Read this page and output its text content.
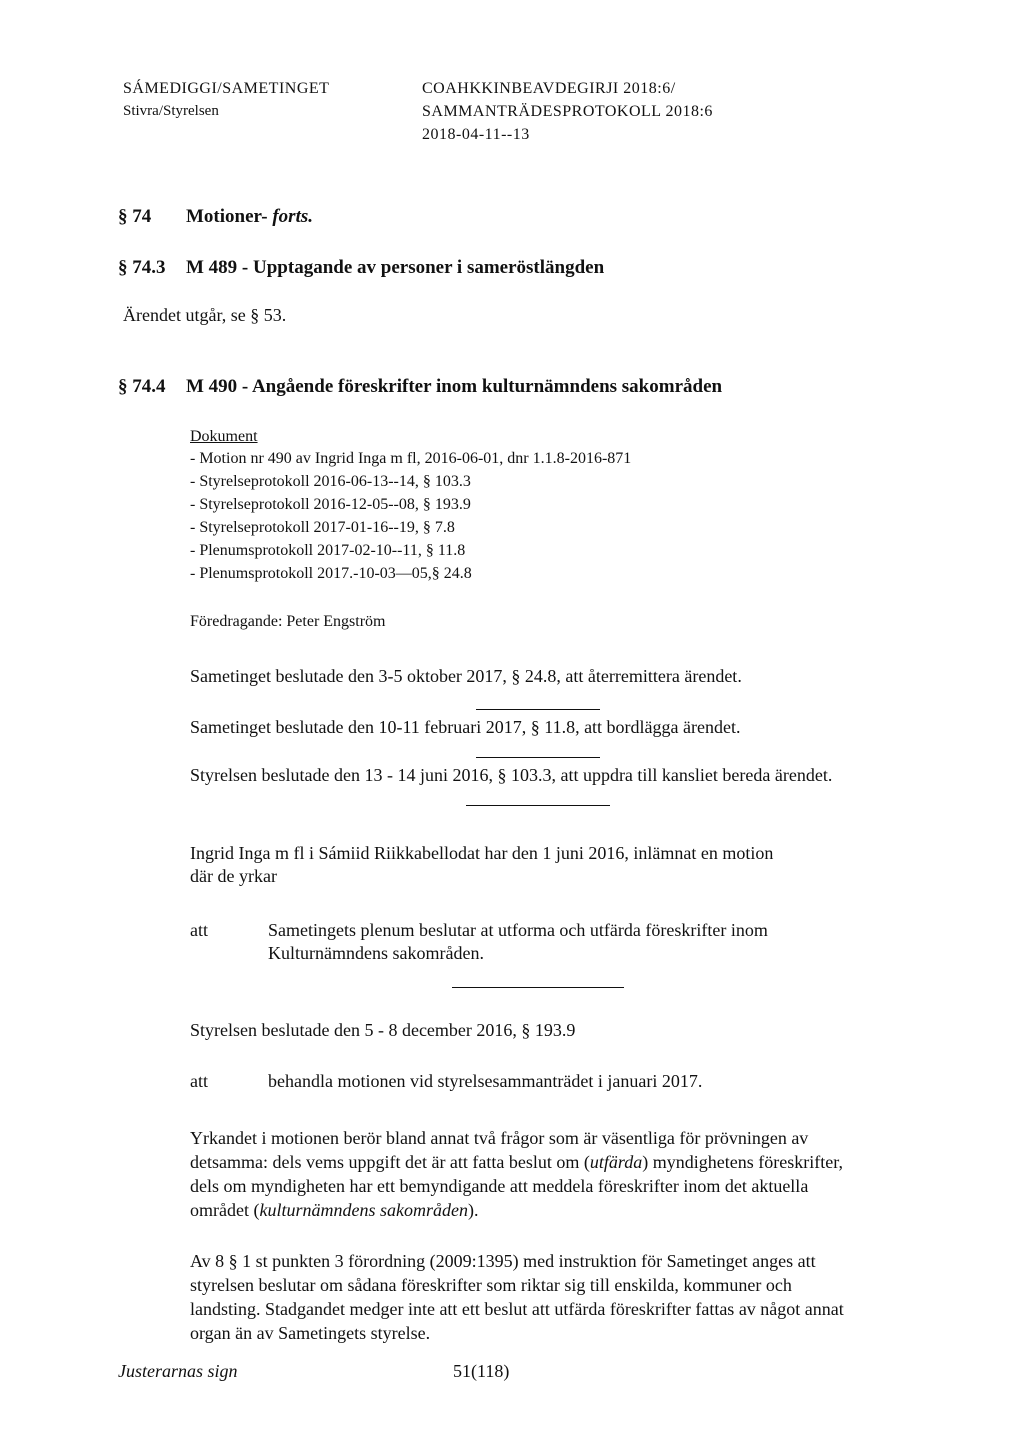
SÁMEDIGGI/SAMETINGET
Stivra/Styrelsen
COAHKKINBEAVDEGIRJI 2018:6/
SAMMANTRÄDESPROTOKOLL 2018:6
2018-04-11--13
§ 74 Motioner- forts.
§ 74.3 M 489 - Upptagande av personer i sameröstlängden
Ärendet utgår, se § 53.
§ 74.4 M 490 - Angående föreskrifter inom kulturnämndens sakområden
Dokument
- Motion nr 490 av Ingrid Inga m fl, 2016-06-01, dnr 1.1.8-2016-871
- Styrelseprotokoll 2016-06-13--14, § 103.3
- Styrelseprotokoll 2016-12-05--08, § 193.9
- Styrelseprotokoll 2017-01-16--19, § 7.8
- Plenumsprotokoll 2017-02-10--11, § 11.8
- Plenumsprotokoll 2017.-10-03—05,§ 24.8
Föredragande: Peter Engström
Sametinget beslutade den 3-5 oktober 2017, § 24.8, att återremittera ärendet.
Sametinget beslutade den 10-11 februari 2017, § 11.8, att bordlägga ärendet.
Styrelsen beslutade den 13 - 14 juni 2016, § 103.3, att uppdra till kansliet bereda ärendet.
Ingrid Inga m fl i Sámiid Riikkabellodat har den 1 juni 2016, inlämnat en motion
där de yrkar
att	Sametingets plenum beslutar at utforma och utfärda föreskrifter inom
Kulturnämndens sakområden.
Styrelsen beslutade den 5 - 8 december 2016, § 193.9
att	behandla motionen vid styrelsesammanträdet i januari 2017.
Yrkandet i motionen berör bland annat två frågor som är väsentliga för prövningen av
detsamma: dels vems uppgift det är att fatta beslut om (utfärda) myndighetens föreskrifter,
dels om myndigheten har ett bemyndigande att meddela föreskrifter inom det aktuella
området (kulturnämndens sakområden).
Av 8 § 1 st punkten 3 förordning (2009:1395) med instruktion för Sametinget anges att
styrelsen beslutar om sådana föreskrifter som riktar sig till enskilda, kommuner och
landsting. Stadgandet medger inte att ett beslut att utfärda föreskrifter fattas av något annat
organ än av Sametingets styrelse.
Justerarnas sign	51(118)
